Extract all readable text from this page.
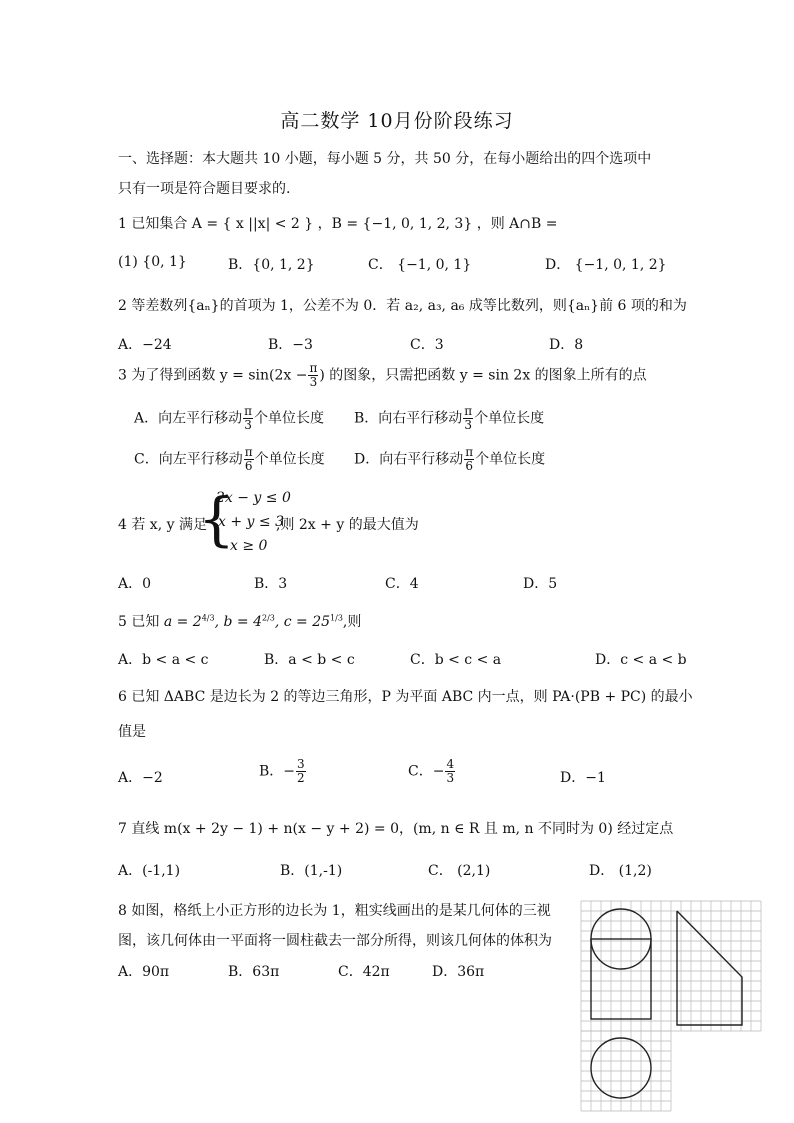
高二数学 10月份阶段练习
一、选择题：本大题共 10 小题，每小题 5 分，共 50 分，在每小题给出的四个选项中
只有一项是符合题目要求的.
1 已知集合 A = { x ||x| < 2 } ，B = {−1, 0, 1, 2, 3} ，则 A∩B =
(1) {0, 1}	B．{0, 1, 2}	C． {−1, 0, 1}	D． {−1, 0, 1, 2}
2 等差数列{aₙ}的首项为 1，公差不为 0．若 a₂, a₃, a₆ 成等比数列，则{aₙ}前 6 项的和为
A．−24	B．−3	C．3	D．8
3 为了得到函数 $y = \sin(2x - \frac{\pi}{3}$ ) 的图象，只需把函数 y = sin 2x 的图象上所有的点
A．向左平行移动 $\frac{\pi}{3}$ 个单位长度 B．向右平行移动 $\frac{\pi}{3}$ 个单位长度
C．向左平行移动 $\frac{\pi}{6}$ 个单位长度 D．向右平行移动 $\frac{\pi}{6}$ 个单位长度
4 若 x, y 满足
{
2x − y ≤ 0
x + y ≤ 3
x ≥ 0
,则 2x + y 的最大值为
A．0	B．3	C．4	D．5
5 已知 $a = 2^{4/3}$, $b = 4^{2/3}$, $c = 25^{1/3}$,则
A．b < a < c	B．a < b < c	C．b < c < a	D．c < a < b
6 已知 ΔABC 是边长为 2 的等边三角形，P 为平面 ABC 内一点，则 PA·(PB + PC) 的最小
值是
A．−2	B．− $\frac{3}{2}$	C．− $\frac{4}{3}$	D．−1
7 直线 m(x + 2y − 1) + n(x − y + 2) = 0，(m, n ∈ R 且 m, n 不同时为 0) 经过定点
A．(-1,1)	B．(1,-1)	C． (2,1)	D． (1,2)
8 如图，格纸上小正方形的边长为 1，粗实线画出的是某几何体的三视
图，该几何体由一平面将一圆柱截去一部分所得，则该几何体的体积为
A．90π	B．63π	C．42π	D．36π
